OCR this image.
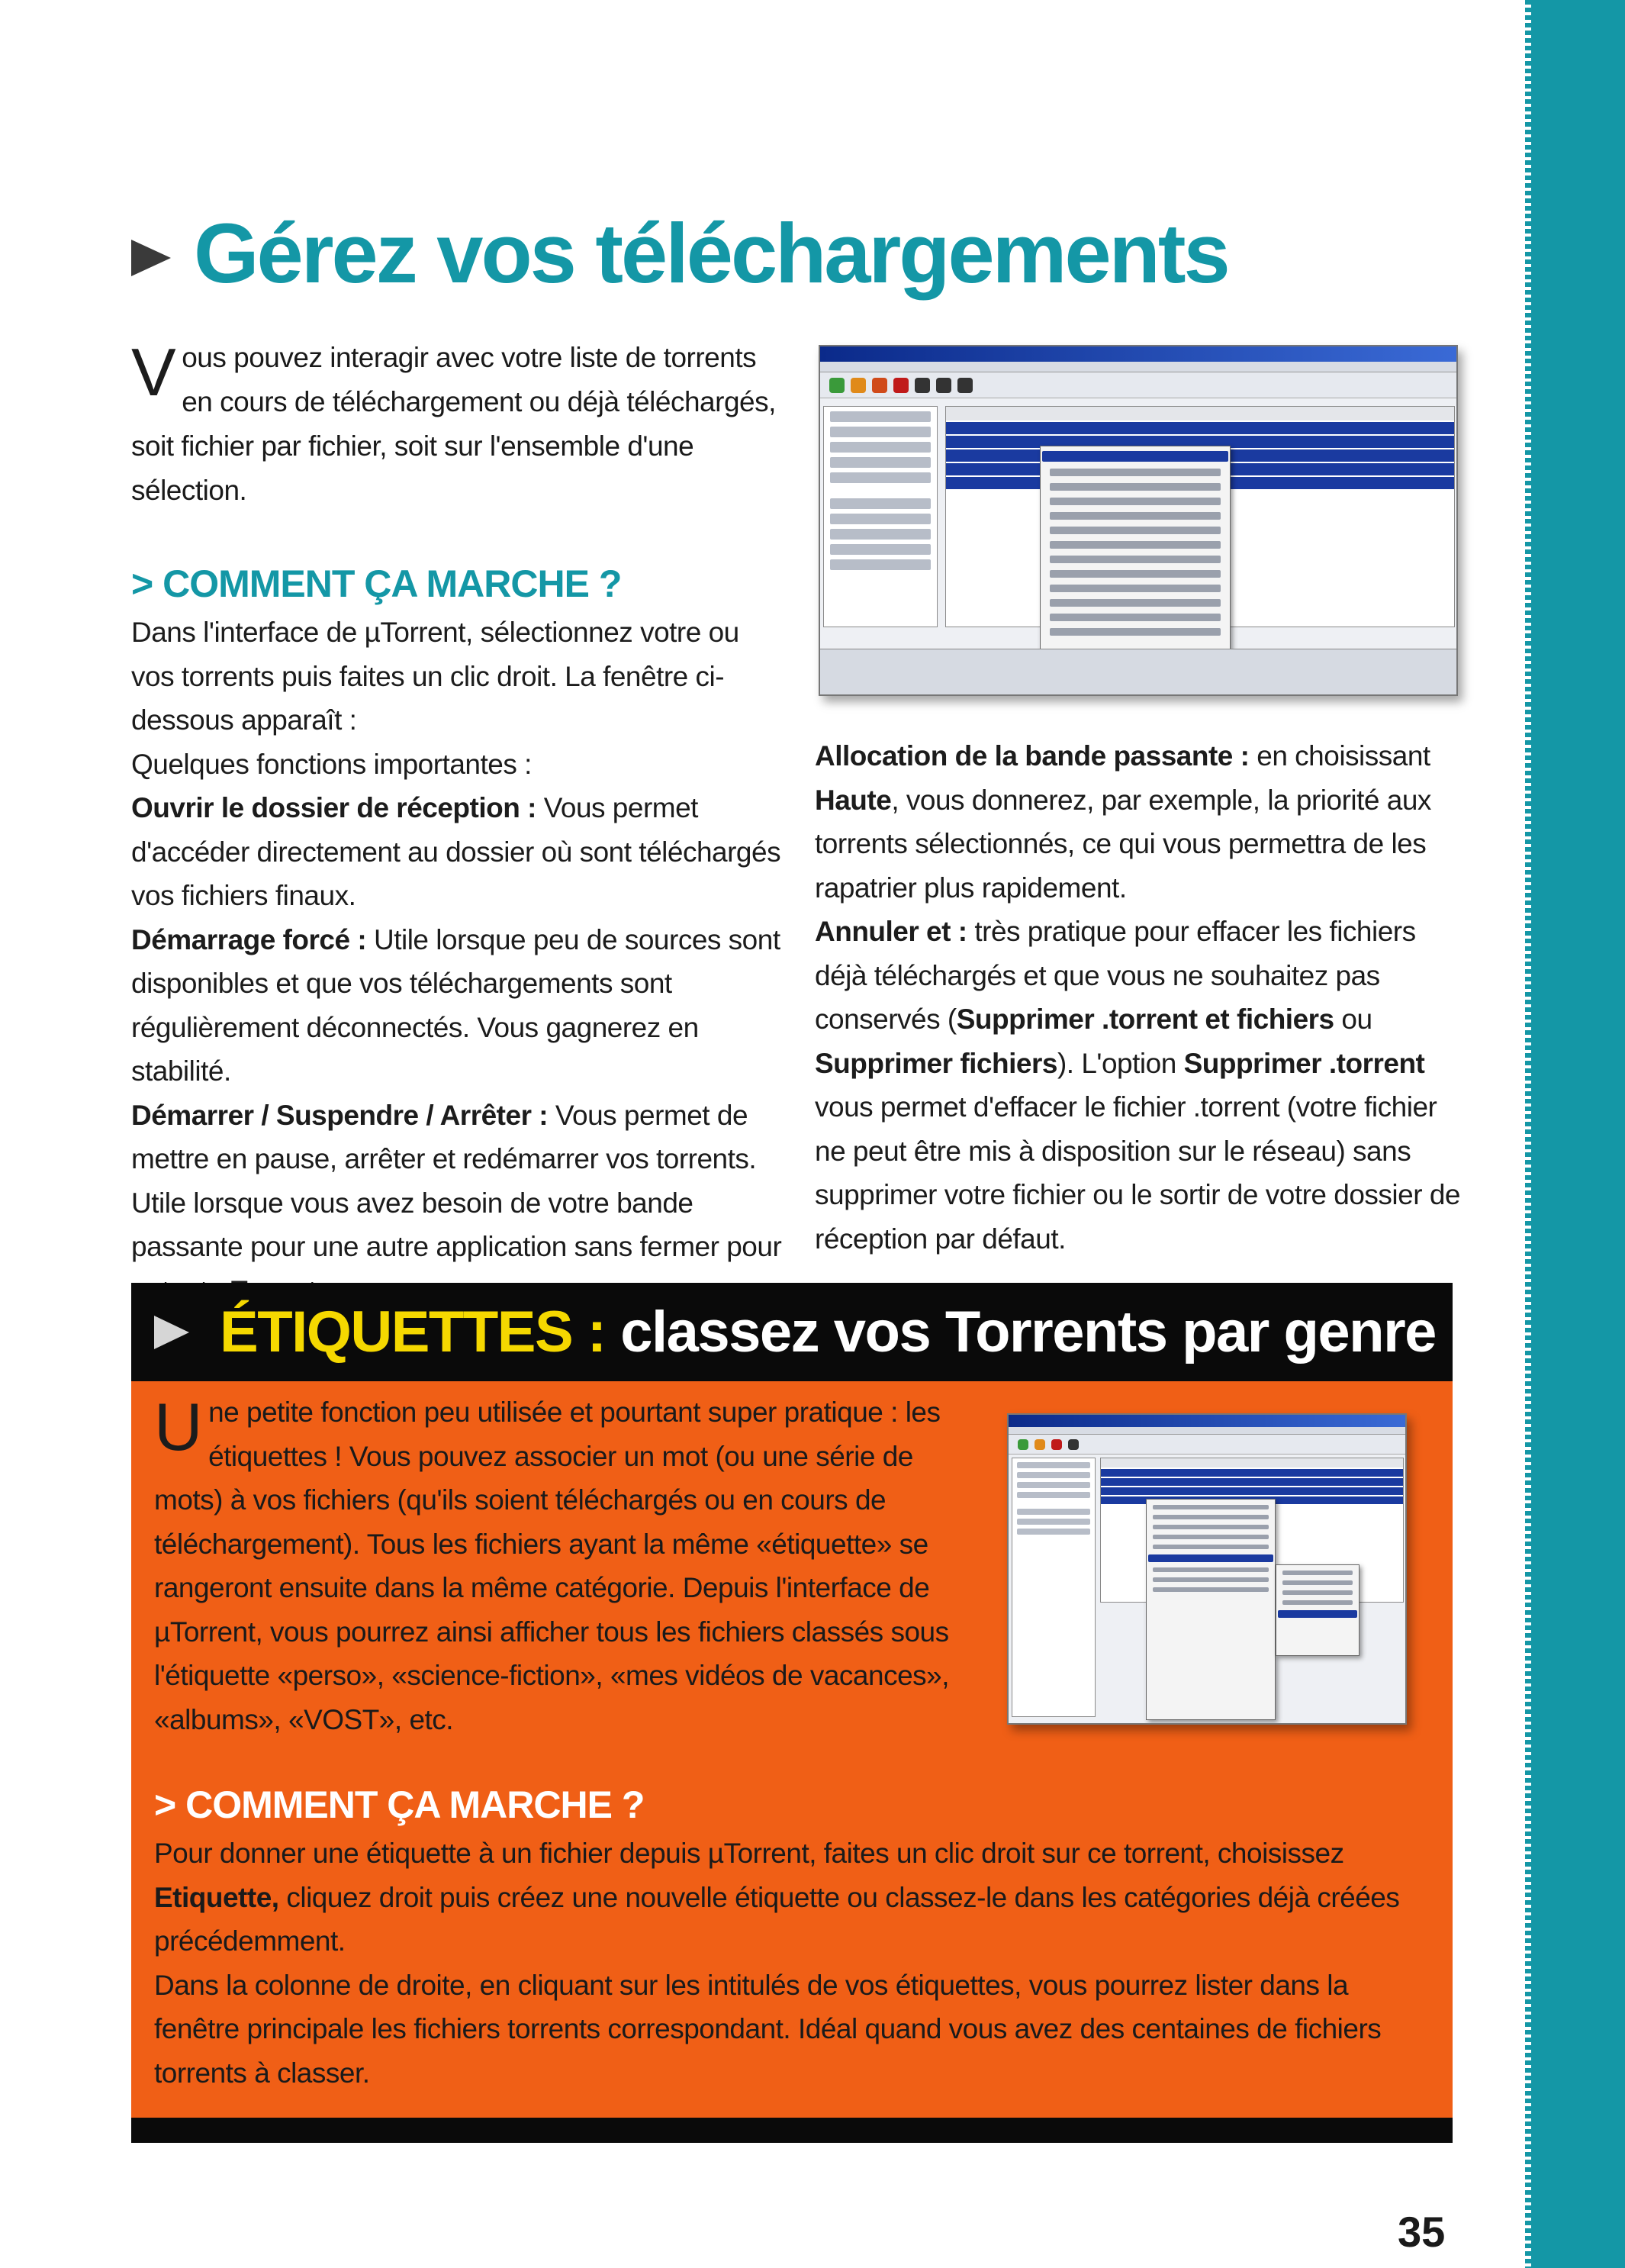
Gérez vos téléchargements
Vous pouvez interagir avec votre liste de torrents en cours de téléchargement ou déjà téléchargés, soit fichier par fichier, soit sur l'ensemble d'une sélection.

> COMMENT ÇA MARCHE ?

Dans l'interface de µTorrent, sélectionnez votre ou vos torrents puis faites un clic droit. La fenêtre ci-dessous apparaît :

Quelques fonctions importantes :

Ouvrir le dossier de réception : Vous permet d'accéder directement au dossier où sont téléchargés vos fichiers finaux.

Démarrage forcé : Utile lorsque peu de sources sont disponibles et que vos téléchargements sont régulièrement déconnectés. Vous gagnerez en stabilité.

Démarrer / Suspendre / Arrêter : Vous permet de mettre en pause, arrêter et redémarrer vos torrents. Utile lorsque vous avez besoin de votre bande passante pour une autre application sans fermer pour

Allocation de la bande passante : en choisissant Haute, vous donnerez, par exemple, la priorité aux torrents sélectionnés, ce qui vous permettra de les rapatrier plus rapidement.

Annuler et : très pratique pour effacer les fichiers déjà téléchargés et que vous ne souhaitez pas conservés (Supprimer .torrent et fichiers ou Supprimer fichiers). L'option Supprimer .torrent vous permet d'effacer le fichier .torrent (votre fichier ne peut être mis à disposition sur le réseau) sans supprimer votre fichier ou le sortir de votre dossier de réception par défaut.

ÉTIQUETTES : classez vos Torrents par genre
Une petite fonction peu utilisée et pourtant super pratique : les étiquettes ! Vous pouvez associer un mot (ou une série de mots) à vos fichiers (qu'ils soient téléchargés ou en cours de téléchargement). Tous les fichiers ayant la même «étiquette» se rangeront ensuite dans la même catégorie. Depuis l'interface de µTorrent, vous pourrez ainsi afficher tous les fichiers classés sous l'étiquette «perso», «science-fiction», «mes vidéos de vacances», «albums», «VOST», etc.

> COMMENT ÇA MARCHE ?

Pour donner une étiquette à un fichier depuis µTorrent, faites un clic droit sur ce torrent, choisissez Etiquette, cliquez droit puis créez une nouvelle étiquette ou classez-le dans les catégories déjà créées précédemment.

Dans la colonne de droite, en cliquant sur les intitulés de vos étiquettes, vous pourrez lister dans la fenêtre principale les fichiers torrents correspondant. Idéal quand vous avez des centaines de fichiers torrents à classer.

35
